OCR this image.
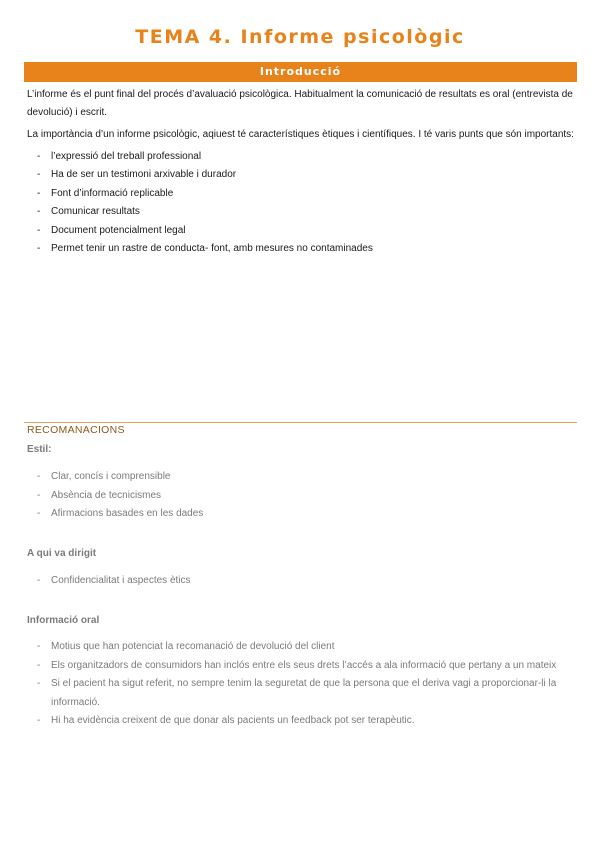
TEMA 4. Informe psicològic
Introducció

L’informe és el punt final del procés d’avaluació psicològica. Habitualment la comunicació de resultats es oral (entrevista de devolució) i escrit.

La importància d’un informe psicològic, aqiuest té característiques ètiques i científiques. I té varis punts que són importants:

- l’expressió del treball professional
- Ha de ser un testimoni arxivable i durador
- Font d’informació replicable
- Comunicar resultats
- Document potencialment legal
- Permet tenir un rastre de conducta- font, amb mesures no contaminades
RECOMANACIONS
Estil:
- Clar, concís i comprensible
- Absència de tecnicismes
- Afirmacions basades en les dades
A qui va dirigit
- Confidencialitat i aspectes ètics
Informació oral
- Motius que han potenciat la recomanació de devolució del client
- Els organitzadors de consumidors han inclós entre els seus drets l’accés a ala informació que pertany a un mateix
- Si el pacient ha sigut referit, no sempre tenim la seguretat de que la persona que el deriva vagi a proporcionar-li la informació.
- Hi ha evidència creixent de que donar als pacients un feedback pot ser terapèutic.
